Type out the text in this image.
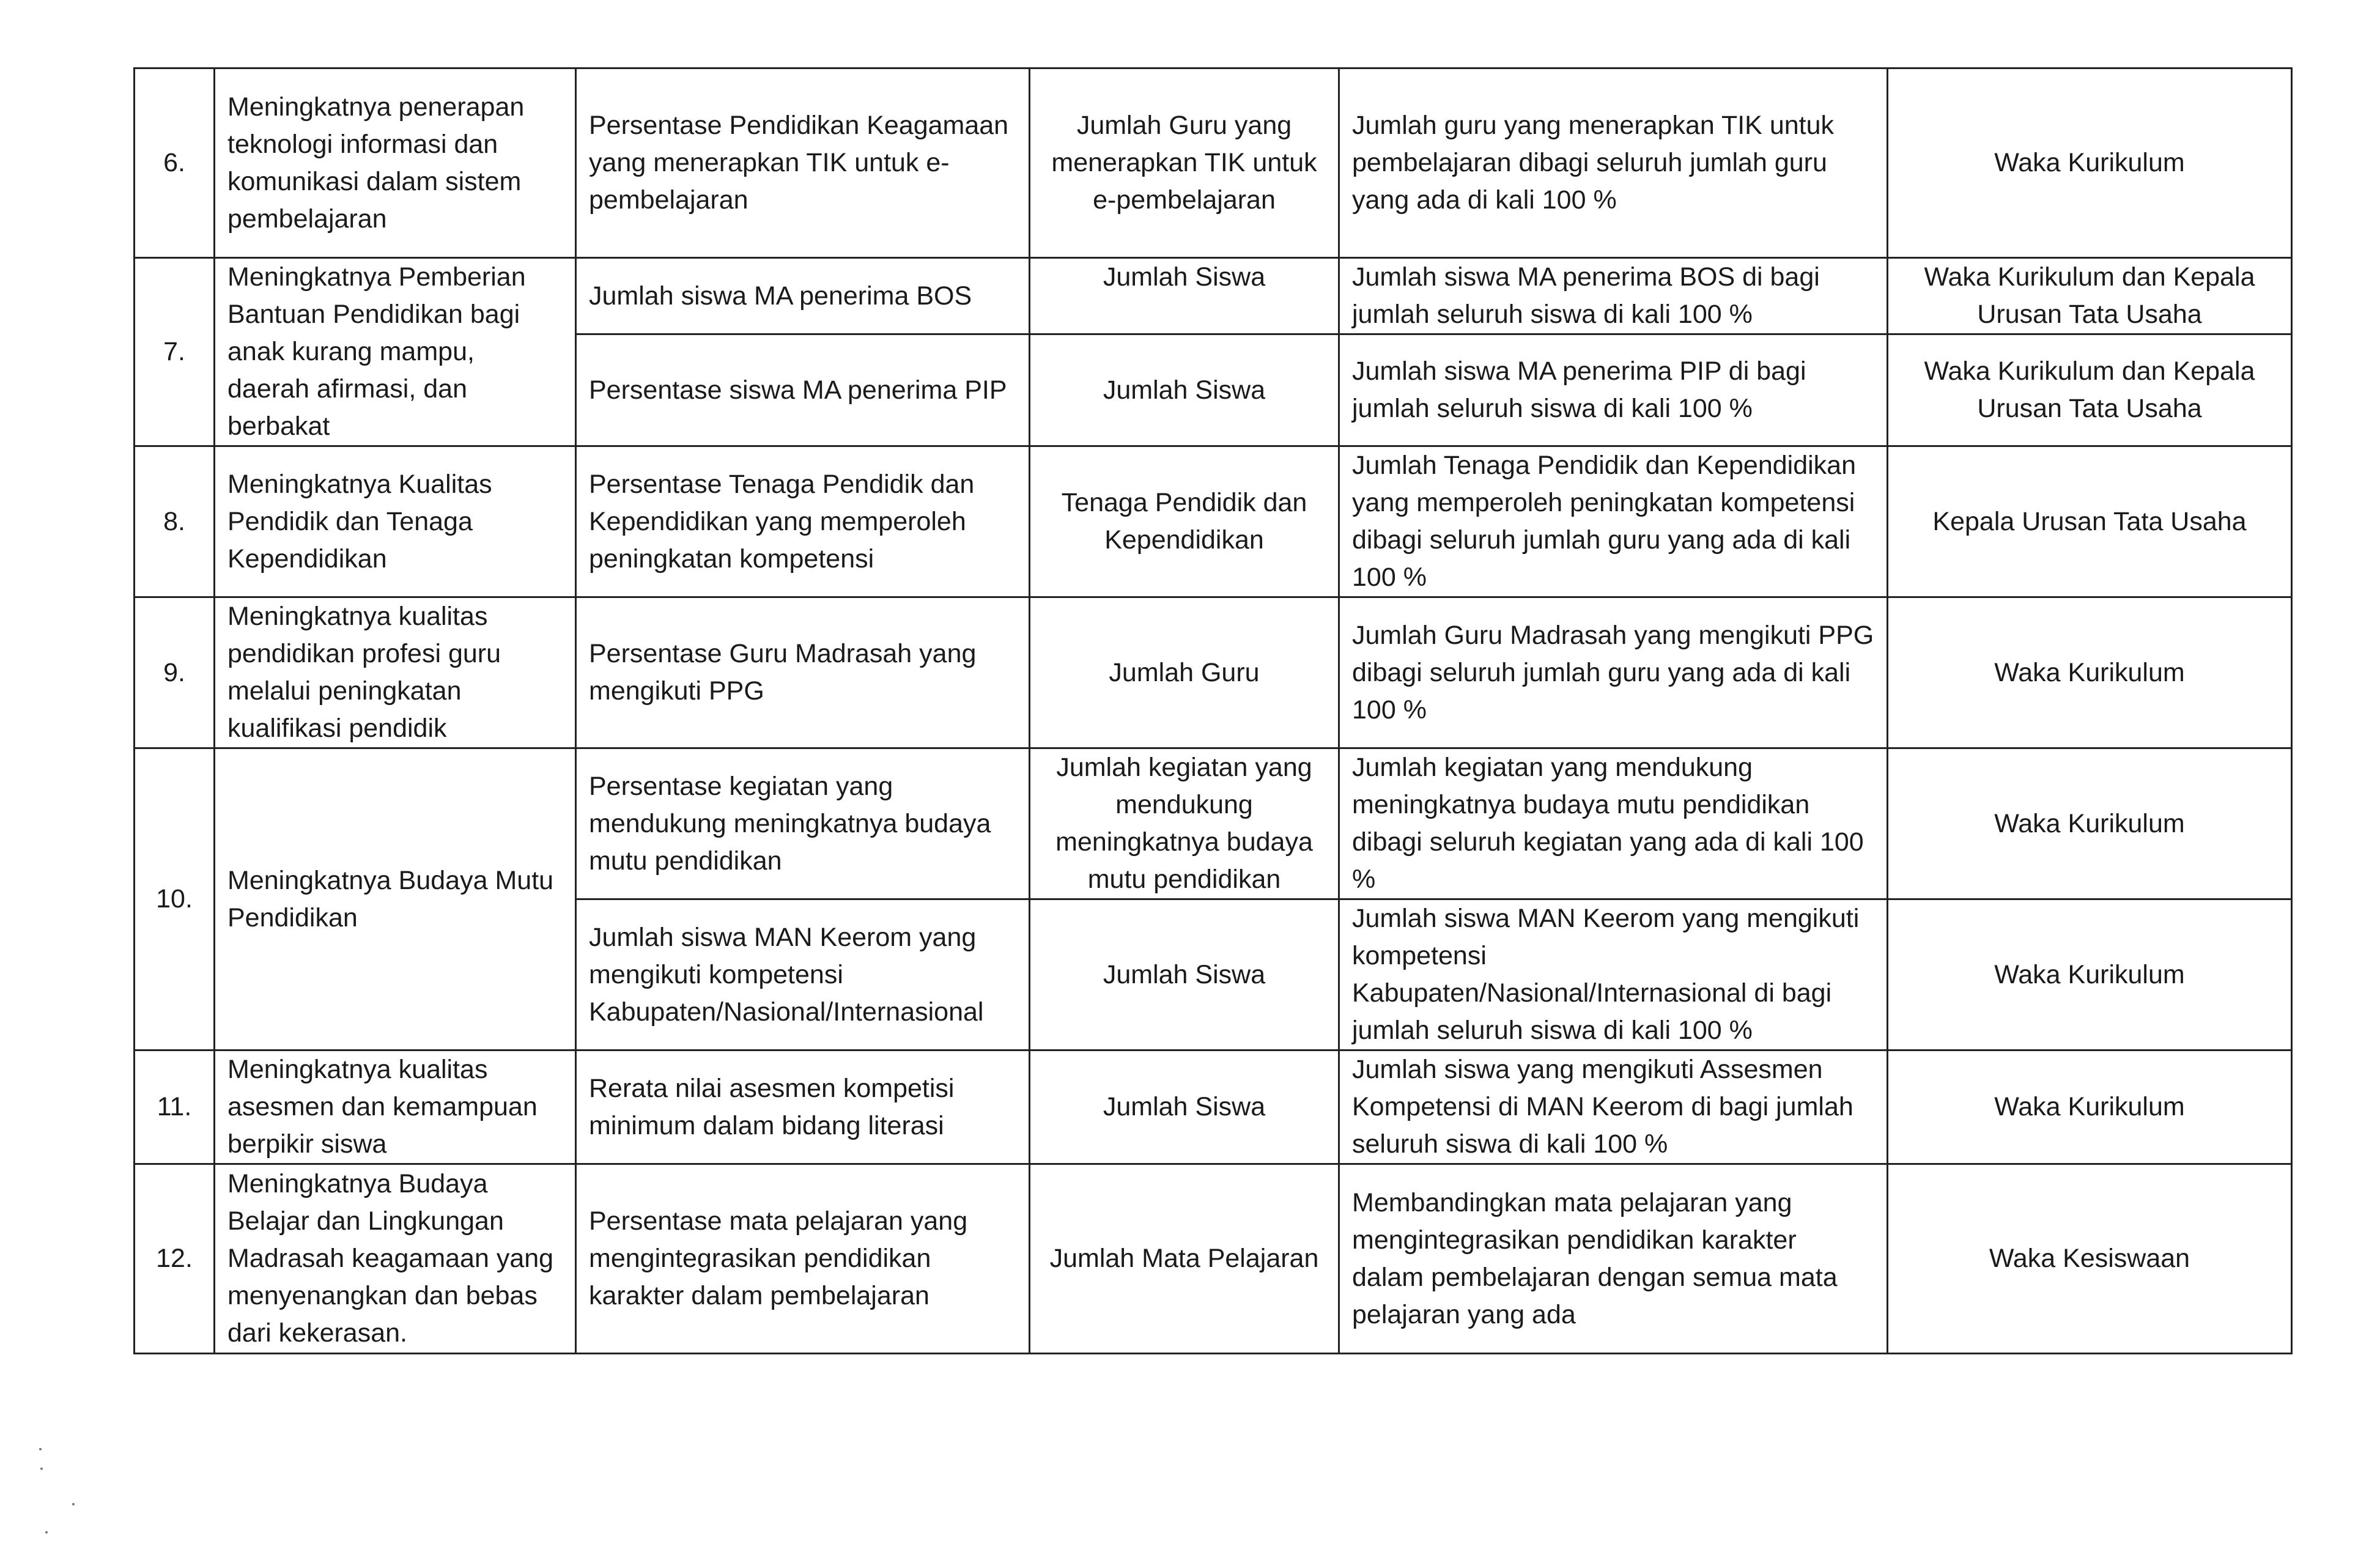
6.	Meningkatnya penerapan teknologi informasi dan komunikasi dalam sistem pembelajaran	Persentase Pendidikan Keagamaan yang menerapkan TIK untuk e-pembelajaran	Jumlah Guru yang menerapkan TIK untuk e-pembelajaran	Jumlah guru yang menerapkan TIK untuk pembelajaran dibagi seluruh jumlah guru yang ada di kali 100 %	Waka Kurikulum
7.	Meningkatnya Pemberian Bantuan Pendidikan bagi anak kurang mampu, daerah afirmasi, dan berbakat	Jumlah siswa MA penerima BOS	Jumlah Siswa	Jumlah siswa MA penerima BOS di bagi jumlah seluruh siswa di kali 100 %	Waka Kurikulum dan Kepala Urusan Tata Usaha
		Persentase siswa MA penerima PIP	Jumlah Siswa	Jumlah siswa MA penerima PIP di bagi jumlah seluruh siswa di kali 100 %	Waka Kurikulum dan Kepala Urusan Tata Usaha
8.	Meningkatnya Kualitas Pendidik dan Tenaga Kependidikan	Persentase Tenaga Pendidik dan Kependidikan yang memperoleh peningkatan kompetensi	Tenaga Pendidik dan Kependidikan	Jumlah Tenaga Pendidik dan Kependidikan yang memperoleh peningkatan kompetensi dibagi seluruh jumlah guru yang ada di kali 100 %	Kepala Urusan Tata Usaha
9.	Meningkatnya kualitas pendidikan profesi guru melalui peningkatan kualifikasi pendidik	Persentase Guru Madrasah yang mengikuti PPG	Jumlah Guru	Jumlah Guru Madrasah yang mengikuti PPG dibagi seluruh jumlah guru yang ada di kali 100 %	Waka Kurikulum
10.	Meningkatnya Budaya Mutu Pendidikan	Persentase kegiatan yang mendukung meningkatnya budaya mutu pendidikan	Jumlah kegiatan yang mendukung meningkatnya budaya mutu pendidikan	Jumlah kegiatan yang mendukung meningkatnya budaya mutu pendidikan dibagi seluruh kegiatan yang ada di kali 100 %	Waka Kurikulum
		Jumlah siswa MAN Keerom yang mengikuti kompetensi Kabupaten/Nasional/Internasional	Jumlah Siswa	Jumlah siswa MAN Keerom yang mengikuti kompetensi Kabupaten/Nasional/Internasional di bagi jumlah seluruh siswa di kali 100 %	Waka Kurikulum
11.	Meningkatnya kualitas asesmen dan kemampuan berpikir siswa	Rerata nilai asesmen kompetisi minimum dalam bidang literasi	Jumlah Siswa	Jumlah siswa yang mengikuti Assesmen Kompetensi di MAN Keerom di bagi jumlah seluruh siswa di kali 100 %	Waka Kurikulum
12.	Meningkatnya Budaya Belajar dan Lingkungan Madrasah keagamaan yang menyenangkan dan bebas dari kekerasan.	Persentase mata pelajaran yang mengintegrasikan pendidikan karakter dalam pembelajaran	Jumlah Mata Pelajaran	Membandingkan mata pelajaran yang mengintegrasikan pendidikan karakter dalam pembelajaran dengan semua mata pelajaran yang ada	Waka Kesiswaan
